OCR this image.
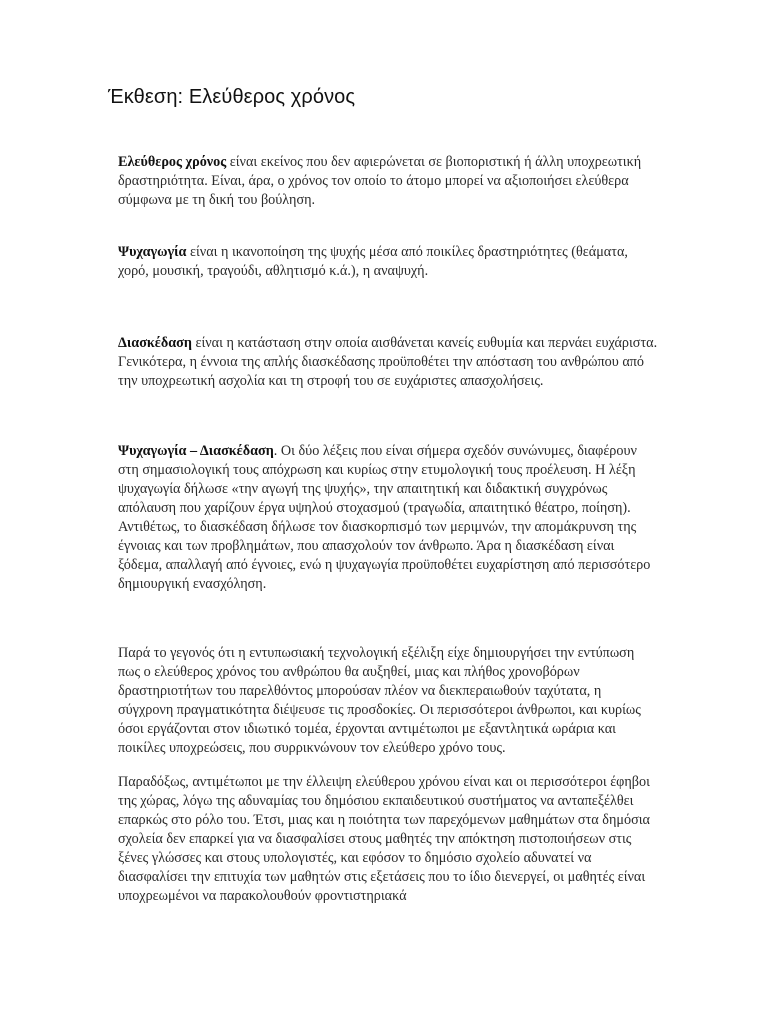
Έκθεση: Ελεύθερος χρόνος

Ελεύθερος χρόνος είναι εκείνος που δεν αφιερώνεται σε βιοποριστική ή άλλη υποχρεωτική δραστηριότητα. Είναι, άρα, ο χρόνος τον οποίο το άτομο μπορεί να αξιοποιήσει ελεύθερα σύμφωνα με τη δική του βούληση.

Ψυχαγωγία είναι η ικανοποίηση της ψυχής μέσα από ποικίλες δραστηριότητες (θεάματα, χορό, μουσική, τραγούδι, αθλητισμό κ.ά.), η αναψυχή.

Διασκέδαση είναι η κατάσταση στην οποία αισθάνεται κανείς ευθυμία και περνάει ευχάριστα. Γενικότερα, η έννοια της απλής διασκέδασης προϋποθέτει την απόσταση του ανθρώπου από την υποχρεωτική ασχολία και τη στροφή του σε ευχάριστες απασχολήσεις.

Ψυχαγωγία – Διασκέδαση. Οι δύο λέξεις που είναι σήμερα σχεδόν συνώνυμες, διαφέρουν στη σημασιολογική τους απόχρωση και κυρίως στην ετυμολογική τους προέλευση. Η λέξη ψυχαγωγία δήλωσε «την αγωγή της ψυχής», την απαιτητική και διδακτική συγχρόνως απόλαυση που χαρίζουν έργα υψηλού στοχασμού (τραγωδία, απαιτητικό θέατρο, ποίηση). Αντιθέτως, το διασκέδαση δήλωσε τον διασκορπισμό των μεριμνών, την απομάκρυνση της έγνοιας και των προβλημάτων, που απασχολούν τον άνθρωπο. Άρα η διασκέδαση είναι ξόδεμα, απαλλαγή από έγνοιες, ενώ η ψυχαγωγία προϋποθέτει ευχαρίστηση από περισσότερο δημιουργική ενασχόληση.

Παρά το γεγονός ότι η εντυπωσιακή τεχνολογική εξέλιξη είχε δημιουργήσει την εντύπωση πως ο ελεύθερος χρόνος του ανθρώπου θα αυξηθεί, μιας και πλήθος χρονοβόρων δραστηριοτήτων του παρελθόντος μπορούσαν πλέον να διεκπεραιωθούν ταχύτατα, η σύγχρονη πραγματικότητα διέψευσε τις προσδοκίες. Οι περισσότεροι άνθρωποι, και κυρίως όσοι εργάζονται στον ιδιωτικό τομέα, έρχονται αντιμέτωποι με εξαντλητικά ωράρια και ποικίλες υποχρεώσεις, που συρρικνώνουν τον ελεύθερο χρόνο τους.

Παραδόξως, αντιμέτωποι με την έλλειψη ελεύθερου χρόνου είναι και οι περισσότεροι έφηβοι της χώρας, λόγω της αδυναμίας του δημόσιου εκπαιδευτικού συστήματος να ανταπεξέλθει επαρκώς στο ρόλο του. Έτσι, μιας και η ποιότητα των παρεχόμενων μαθημάτων στα δημόσια σχολεία δεν επαρκεί για να διασφαλίσει στους μαθητές την απόκτηση πιστοποιήσεων στις ξένες γλώσσες και στους υπολογιστές, και εφόσον το δημόσιο σχολείο αδυνατεί να διασφαλίσει την επιτυχία των μαθητών στις εξετάσεις που το ίδιο διενεργεί, οι μαθητές είναι υποχρεωμένοι να παρακολουθούν φροντιστηριακά
